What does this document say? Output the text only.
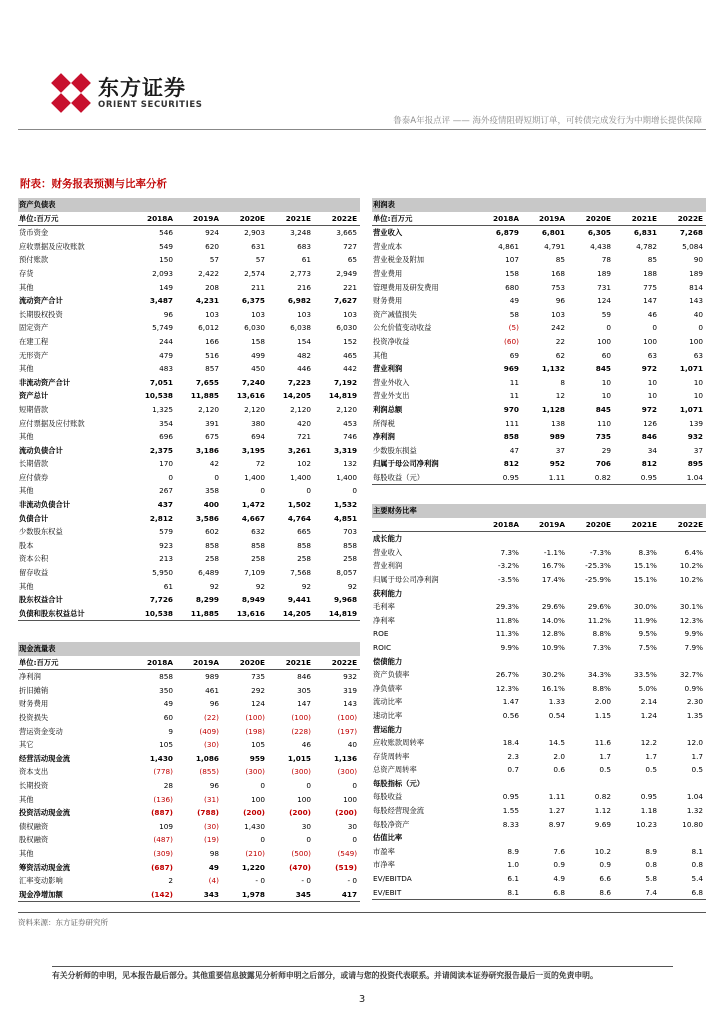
东方证券
ORIENT SECURITIES
鲁泰A年报点评 —— 海外疫情阻碍短期订单，可转债完成发行为中期增长提供保障
附表：财务报表预测与比率分析
资产负债表					
单位:百万元	2018A	2019A	2020E	2021E	2022E
货币资金	546	924	2,903	3,248	3,665
应收票据及应收账款	549	620	631	683	727
预付账款	150	57	57	61	65
存货	2,093	2,422	2,574	2,773	2,949
其他	149	208	211	216	221
流动资产合计	3,487	4,231	6,375	6,982	7,627
长期股权投资	96	103	103	103	103
固定资产	5,749	6,012	6,030	6,038	6,030
在建工程	244	166	158	154	152
无形资产	479	516	499	482	465
其他	483	857	450	446	442
非流动资产合计	7,051	7,655	7,240	7,223	7,192
资产总计	10,538	11,885	13,616	14,205	14,819
短期借款	1,325	2,120	2,120	2,120	2,120
应付票据及应付账款	354	391	380	420	453
其他	696	675	694	721	746
流动负债合计	2,375	3,186	3,195	3,261	3,319
长期借款	170	42	72	102	132
应付债券	0	0	1,400	1,400	1,400
其他	267	358	0	0	0
非流动负债合计	437	400	1,472	1,502	1,532
负债合计	2,812	3,586	4,667	4,764	4,851
少数股东权益	579	602	632	665	703
股本	923	858	858	858	858
资本公积	213	258	258	258	258
留存收益	5,950	6,489	7,109	7,568	8,057
其他	61	92	92	92	92
股东权益合计	7,726	8,299	8,949	9,441	9,968
负债和股东权益总计	10,538	11,885	13,616	14,205	14,819
现金流量表					
单位:百万元	2018A	2019A	2020E	2021E	2022E
净利润	858	989	735	846	932
折旧摊销	350	461	292	305	319
财务费用	49	96	124	147	143
投资损失	60	(22)	(100)	(100)	(100)
营运资金变动	9	(409)	(198)	(228)	(197)
其它	105	(30)	105	46	40
经营活动现金流	1,430	1,086	959	1,015	1,136
资本支出	(778)	(855)	(300)	(300)	(300)
长期投资	28	96	0	0	0
其他	(136)	(31)	100	100	100
投资活动现金流	(887)	(788)	(200)	(200)	(200)
债权融资	109	(30)	1,430	30	30
股权融资	(487)	(19)	0	0	0
其他	(309)	98	(210)	(500)	(549)
筹资活动现金流	(687)	49	1,220	(470)	(519)
汇率变动影响	2	(4)	- 0	- 0	- 0
现金净增加额	(142)	343	1,978	345	417
利润表					
单位:百万元	2018A	2019A	2020E	2021E	2022E
营业收入	6,879	6,801	6,305	6,831	7,268
营业成本	4,861	4,791	4,438	4,782	5,084
营业税金及附加	107	85	78	85	90
营业费用	158	168	189	188	189
管理费用及研发费用	680	753	731	775	814
财务费用	49	96	124	147	143
资产减值损失	58	103	59	46	40
公允价值变动收益	(5)	242	0	0	0
投资净收益	(60)	22	100	100	100
其他	69	62	60	63	63
营业利润	969	1,132	845	972	1,071
营业外收入	11	8	10	10	10
营业外支出	11	12	10	10	10
利润总额	970	1,128	845	972	1,071
所得税	111	138	110	126	139
净利润	858	989	735	846	932
少数股东损益	47	37	29	34	37
归属于母公司净利润	812	952	706	812	895
每股收益（元）	0.95	1.11	0.82	0.95	1.04
主要财务比率					
	2018A	2019A	2020E	2021E	2022E
成长能力					
营业收入	7.3%	-1.1%	-7.3%	8.3%	6.4%
营业利润	-3.2%	16.7%	-25.3%	15.1%	10.2%
归属于母公司净利润	-3.5%	17.4%	-25.9%	15.1%	10.2%
获利能力					
毛利率	29.3%	29.6%	29.6%	30.0%	30.1%
净利率	11.8%	14.0%	11.2%	11.9%	12.3%
ROE	11.3%	12.8%	8.8%	9.5%	9.9%
ROIC	9.9%	10.9%	7.3%	7.5%	7.9%
偿债能力					
资产负债率	26.7%	30.2%	34.3%	33.5%	32.7%
净负债率	12.3%	16.1%	8.8%	5.0%	0.9%
流动比率	1.47	1.33	2.00	2.14	2.30
速动比率	0.56	0.54	1.15	1.24	1.35
营运能力					
应收账款周转率	18.4	14.5	11.6	12.2	12.0
存货周转率	2.3	2.0	1.7	1.7	1.7
总资产周转率	0.7	0.6	0.5	0.5	0.5
每股指标（元）					
每股收益	0.95	1.11	0.82	0.95	1.04
每股经营现金流	1.55	1.27	1.12	1.18	1.32
每股净资产	8.33	8.97	9.69	10.23	10.80
估值比率					
市盈率	8.9	7.6	10.2	8.9	8.1
市净率	1.0	0.9	0.9	0.8	0.8
EV/EBITDA	6.1	4.9	6.6	5.8	5.4
EV/EBIT	8.1	6.8	8.6	7.4	6.8
资料来源：东方证券研究所
有关分析师的申明，见本报告最后部分。其他重要信息披露见分析师申明之后部分，或请与您的投资代表联系。并请阅读本证券研究报告最后一页的免责申明。
3
